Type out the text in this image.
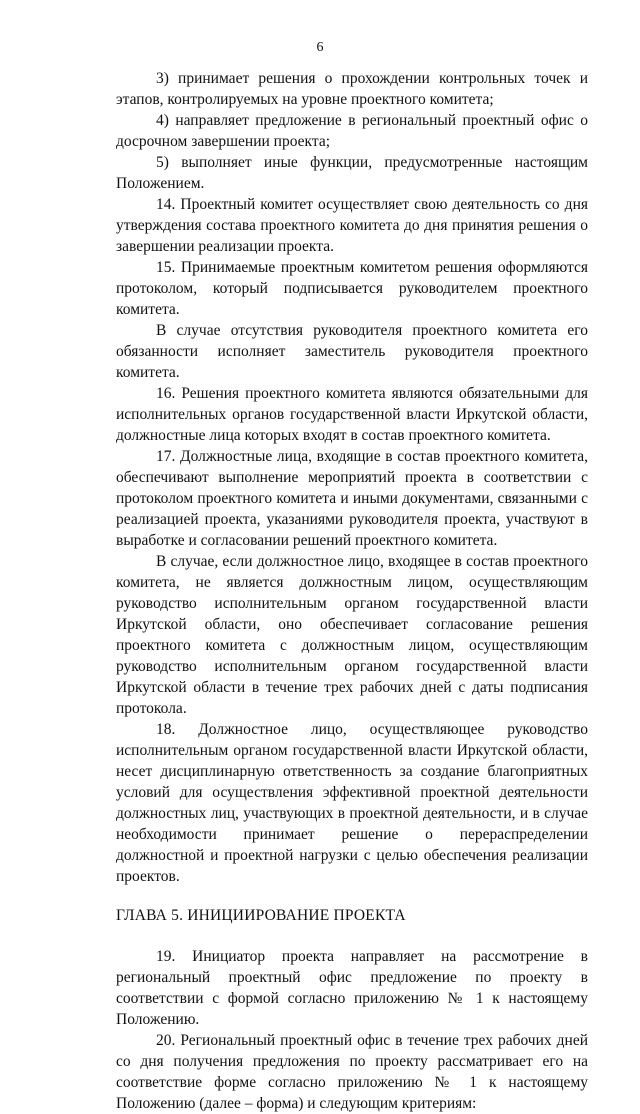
6

3) принимает решения о прохождении контрольных точек и этапов, контролируемых на уровне проектного комитета;

4) направляет предложение в региональный проектный офис о досрочном завершении проекта;

5) выполняет иные функции, предусмотренные настоящим Положением.

14. Проектный комитет осуществляет свою деятельность со дня утверждения состава проектного комитета до дня принятия решения о завершении реализации проекта.

15. Принимаемые проектным комитетом решения оформляются протоколом, который подписывается руководителем проектного комитета.

В случае отсутствия руководителя проектного комитета его обязанности исполняет заместитель руководителя проектного комитета.

16. Решения проектного комитета являются обязательными для исполнительных органов государственной власти Иркутской области, должностные лица которых входят в состав проектного комитета.

17. Должностные лица, входящие в состав проектного комитета, обеспечивают выполнение мероприятий проекта в соответствии с протоколом проектного комитета и иными документами, связанными с реализацией проекта, указаниями руководителя проекта, участвуют в выработке и согласовании решений проектного комитета.

В случае, если должностное лицо, входящее в состав проектного комитета, не является должностным лицом, осуществляющим руководство исполнительным органом государственной власти Иркутской области, оно обеспечивает согласование решения проектного комитета с должностным лицом, осуществляющим руководство исполнительным органом государственной власти Иркутской области в течение трех рабочих дней с даты подписания протокола.

18. Должностное лицо, осуществляющее руководство исполнительным органом государственной власти Иркутской области, несет дисциплинарную ответственность за создание благоприятных условий для осуществления эффективной проектной деятельности должностных лиц, участвующих в проектной деятельности, и в случае необходимости принимает решение о перераспределении должностной и проектной нагрузки с целью обеспечения реализации проектов.

ГЛАВА 5. ИНИЦИИРОВАНИЕ ПРОЕКТА

19. Инициатор проекта направляет на рассмотрение в региональный проектный офис предложение по проекту в соответствии с формой согласно приложению № 1 к настоящему Положению.

20. Региональный проектный офис в течение трех рабочих дней со дня получения предложения по проекту рассматривает его на соответствие форме согласно приложению № 1 к настоящему Положению (далее – форма) и следующим критериям:
